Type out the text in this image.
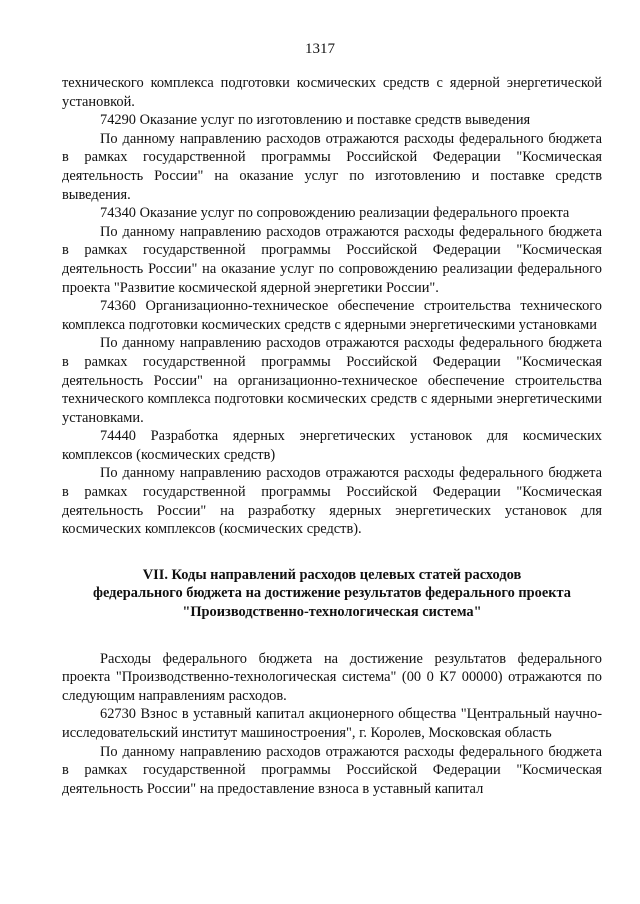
1317

технического комплекса подготовки космических средств с ядерной энергетической установкой.

74290 Оказание услуг по изготовлению и поставке средств выведения

По данному направлению расходов отражаются расходы федерального бюджета в рамках государственной программы Российской Федерации "Космическая деятельность России" на оказание услуг по изготовлению и поставке средств выведения.

74340 Оказание услуг по сопровождению реализации федерального проекта

По данному направлению расходов отражаются расходы федерального бюджета в рамках государственной программы Российской Федерации "Космическая деятельность России" на оказание услуг по сопровождению реализации федерального проекта "Развитие космической ядерной энергетики России".

74360 Организационно-техническое обеспечение строительства технического комплекса подготовки космических средств с ядерными энергетическими установками

По данному направлению расходов отражаются расходы федерального бюджета в рамках государственной программы Российской Федерации "Космическая деятельность России" на организационно-техническое обеспечение строительства технического комплекса подготовки космических средств с ядерными энергетическими установками.

74440 Разработка ядерных энергетических установок для космических комплексов (космических средств)

По данному направлению расходов отражаются расходы федерального бюджета в рамках государственной программы Российской Федерации "Космическая деятельность России" на разработку ядерных энергетических установок для космических комплексов (космических средств).

VII. Коды направлений расходов целевых статей расходов
федерального бюджета на достижение результатов федерального проекта
"Производственно-технологическая система"

Расходы федерального бюджета на достижение результатов федерального проекта "Производственно-технологическая система" (00 0 К7 00000) отражаются по следующим направлениям расходов.

62730 Взнос в уставный капитал акционерного общества "Центральный научно-исследовательский институт машиностроения", г. Королев, Московская область

По данному направлению расходов отражаются расходы федерального бюджета в рамках государственной программы Российской Федерации "Космическая деятельность России" на предоставление взноса в уставный капитал
